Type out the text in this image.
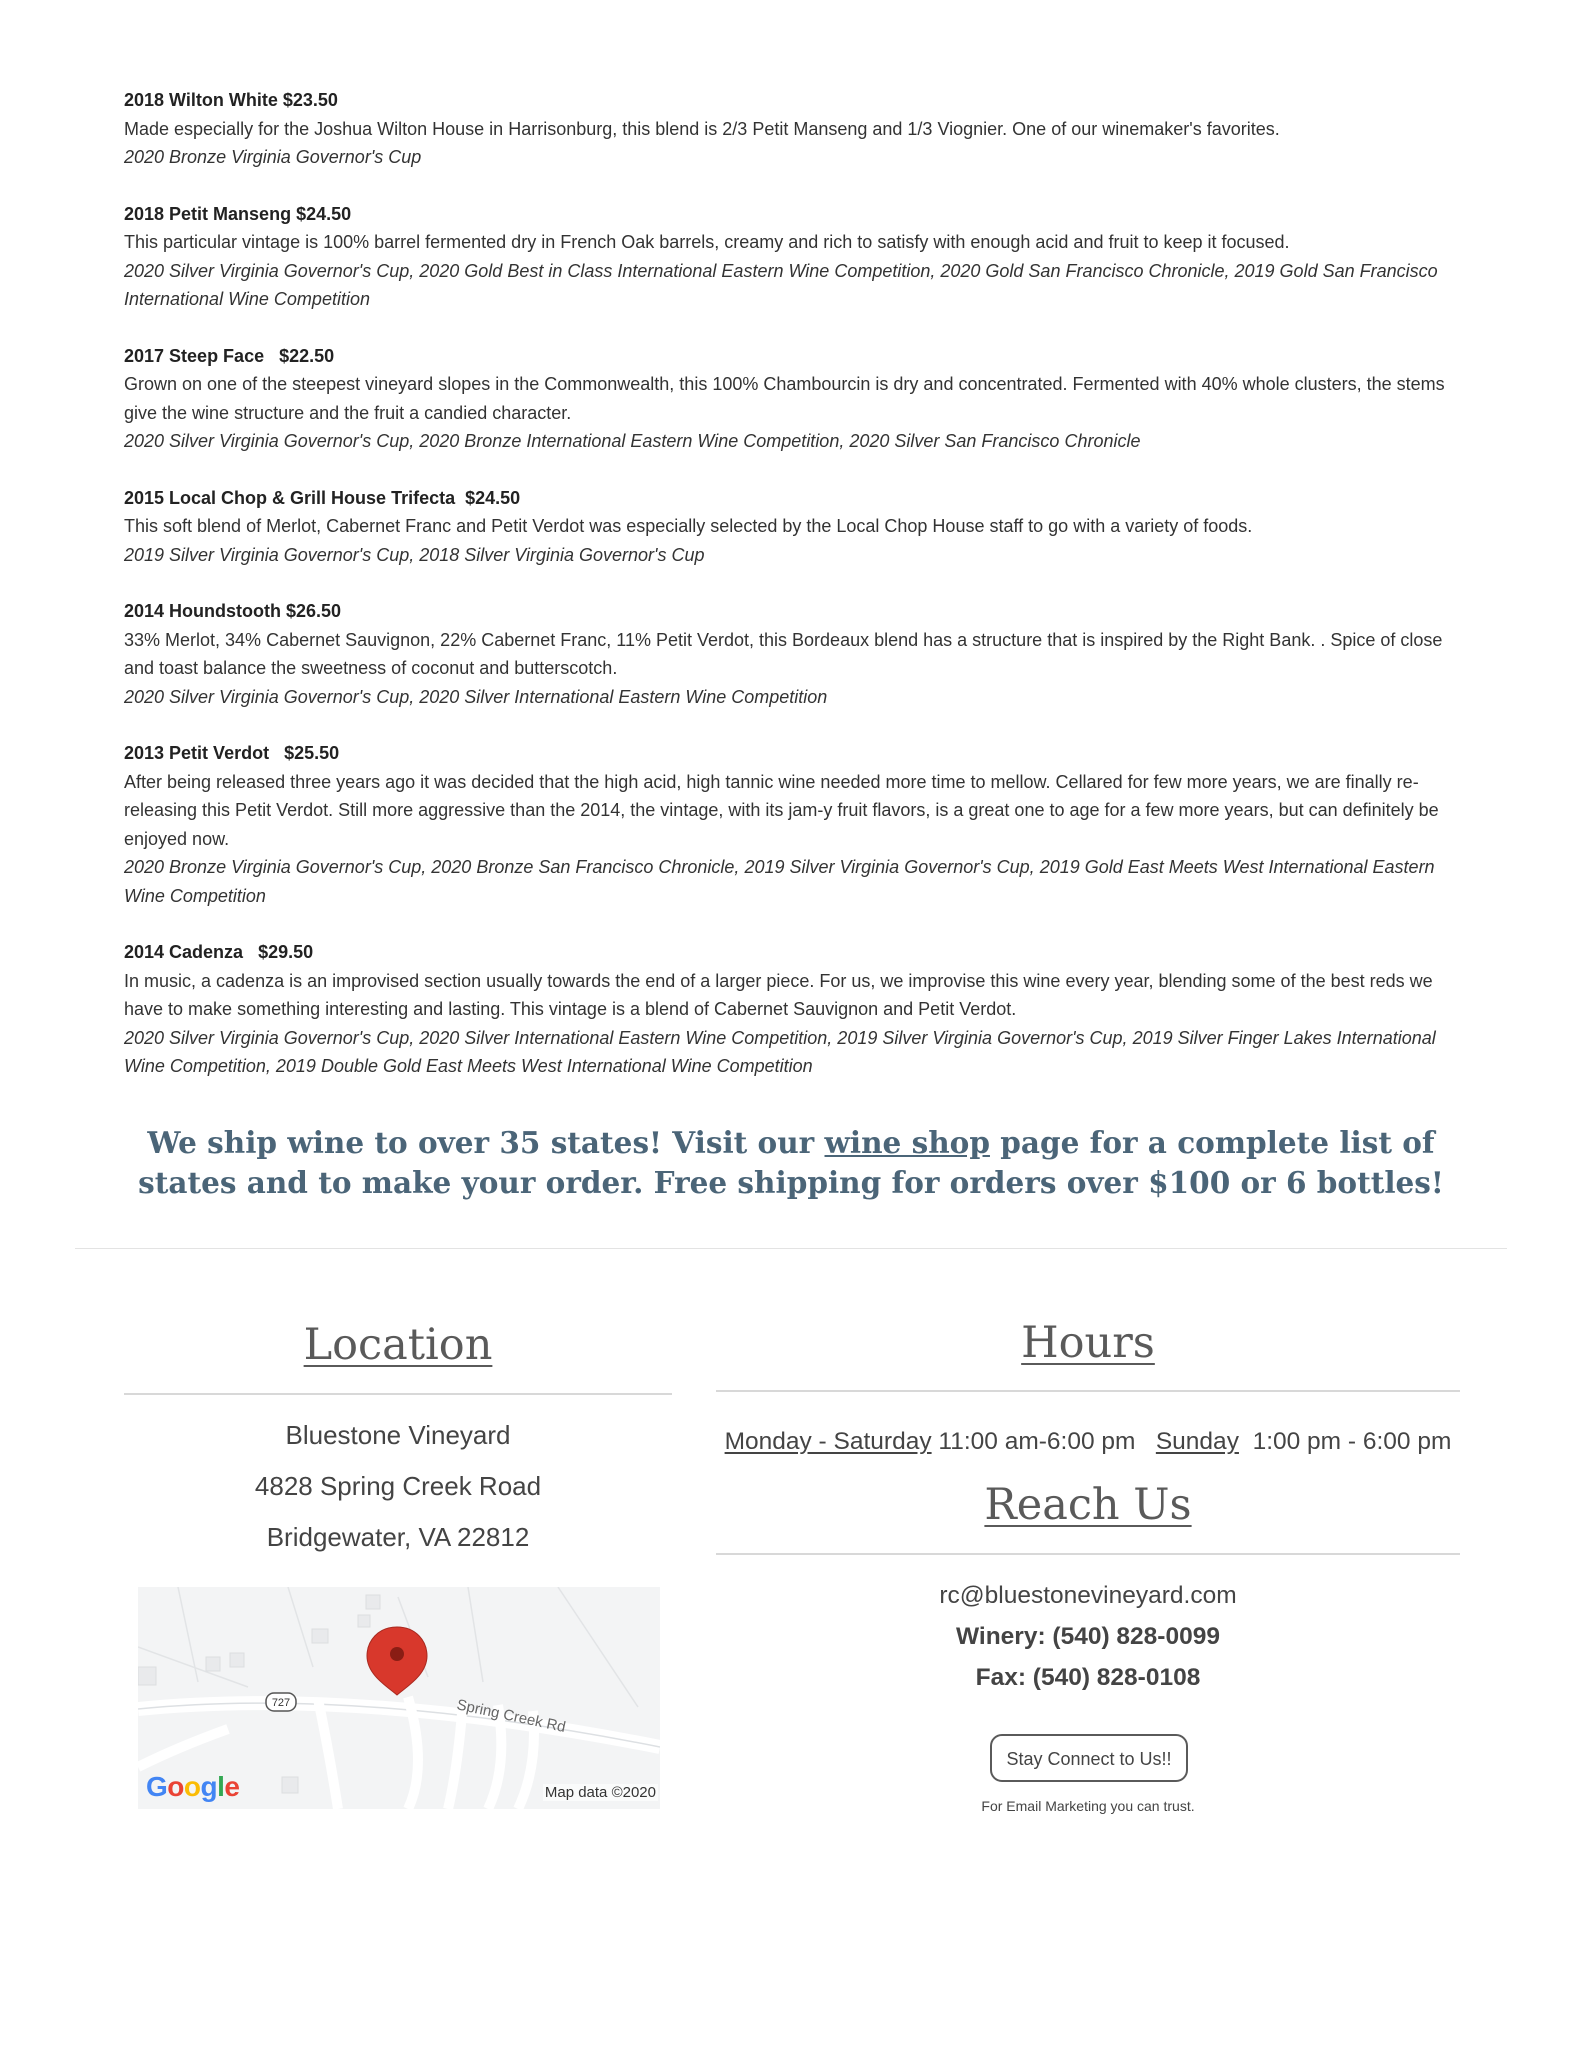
2018 Wilton White $23.50
Made especially for the Joshua Wilton House in Harrisonburg, this blend is 2/3 Petit Manseng and 1/3 Viognier. One of our winemaker's favorites.
2020 Bronze Virginia Governor's Cup
2018 Petit Manseng $24.50
This particular vintage is 100% barrel fermented dry in French Oak barrels, creamy and rich to satisfy with enough acid and fruit to keep it focused.
2020 Silver Virginia Governor's Cup, 2020 Gold Best in Class International Eastern Wine Competition, 2020 Gold San Francisco Chronicle, 2019 Gold San Francisco International Wine Competition
2017 Steep Face   $22.50
Grown on one of the steepest vineyard slopes in the Commonwealth, this 100% Chambourcin is dry and concentrated. Fermented with 40% whole clusters, the stems give the wine structure and the fruit a candied character.
2020 Silver Virginia Governor's Cup, 2020 Bronze International Eastern Wine Competition, 2020 Silver San Francisco Chronicle
2015 Local Chop & Grill House Trifecta  $24.50
This soft blend of Merlot, Cabernet Franc and Petit Verdot was especially selected by the Local Chop House staff to go with a variety of foods.
2019 Silver Virginia Governor's Cup, 2018 Silver Virginia Governor's Cup
2014 Houndstooth $26.50
33% Merlot, 34% Cabernet Sauvignon, 22% Cabernet Franc, 11% Petit Verdot, this Bordeaux blend has a structure that is inspired by the Right Bank. . Spice of close and toast balance the sweetness of coconut and butterscotch.
2020 Silver Virginia Governor's Cup, 2020 Silver International Eastern Wine Competition
2013 Petit Verdot   $25.50
After being released three years ago it was decided that the high acid, high tannic wine needed more time to mellow. Cellared for few more years, we are finally re-releasing this Petit Verdot. Still more aggressive than the 2014, the vintage, with its jam-y fruit flavors, is a great one to age for a few more years, but can definitely be enjoyed now.
2020 Bronze Virginia Governor's Cup, 2020 Bronze San Francisco Chronicle, 2019 Silver Virginia Governor's Cup, 2019 Gold East Meets West International Eastern Wine Competition
2014 Cadenza   $29.50
In music, a cadenza is an improvised section usually towards the end of a larger piece. For us, we improvise this wine every year, blending some of the best reds we have to make something interesting and lasting. This vintage is a blend of Cabernet Sauvignon and Petit Verdot.
2020 Silver Virginia Governor's Cup, 2020 Silver International Eastern Wine Competition, 2019 Silver Virginia Governor's Cup, 2019 Silver Finger Lakes International Wine Competition, 2019 Double Gold East Meets West International Wine Competition
We ship wine to over 35 states! Visit our wine shop page for a complete list of states and to make your order. Free shipping for orders over $100 or 6 bottles!
Location
Bluestone Vineyard
4828 Spring Creek Road
Bridgewater, VA 22812
727	Spring Creek Rd
Google	Map data ©2020
Hours
Monday - Saturday 11:00 am-6:00 pm   Sunday  1:00 pm - 6:00 pm
Reach Us
rc@bluestonevineyard.com
Winery: (540) 828-0099
Fax: (540) 828-0108
Stay Connect to Us!!
For Email Marketing you can trust.
